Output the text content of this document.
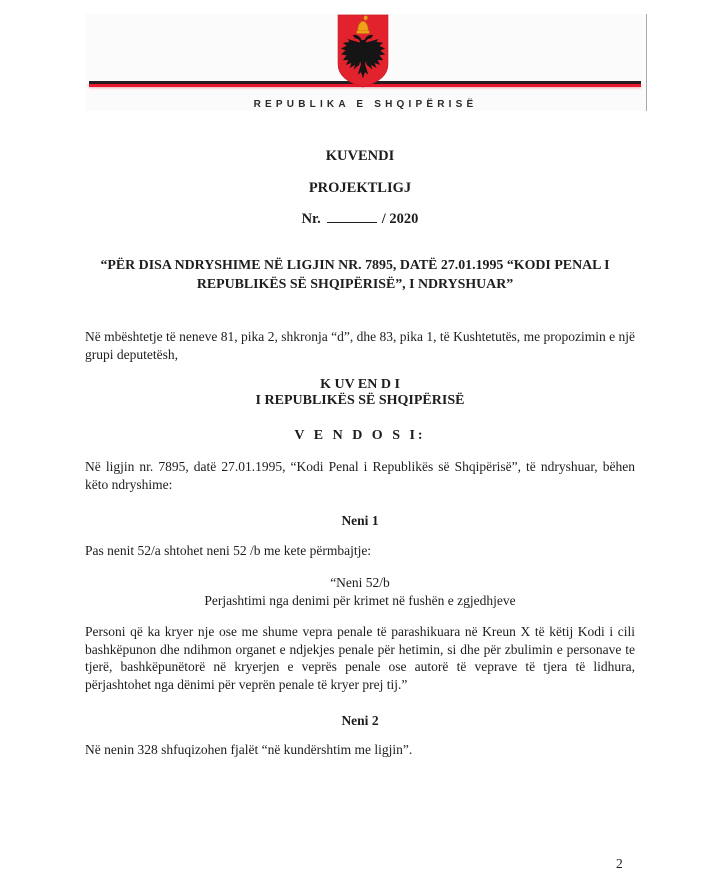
REPUBLIKA E SHQIPËRISË
KUVENDI
PROJEKTLIGJ
Nr.	/ 2020
“PËR DISA NDRYSHIME NË LIGJIN NR. 7895, DATË 27.01.1995 “KODI PENAL I REPUBLIKËS SË SHQIPËRISË”, I NDRYSHUAR”
Në mbështetje të neneve 81, pika 2, shkronja “d”, dhe 83, pika 1, të Kushtetutës, me propozimin e një grupi deputetësh,
K UV EN D I
I REPUBLIKËS SË SHQIPËRISË
V E N D O S I:
Në ligjin nr. 7895, datë 27.01.1995, “Kodi Penal i Republikës së Shqipërisë”, të ndryshuar, bëhen këto ndryshime:
Neni 1
Pas nenit 52/a shtohet neni 52 /b me kete përmbajtje:
“Neni 52/b
Perjashtimi nga denimi për krimet në fushën e zgjedhjeve
Personi që ka kryer nje ose me shume vepra penale të parashikuara në Kreun X të këtij Kodi i cili bashkëpunon dhe ndihmon organet e ndjekjes penale për hetimin, si dhe për zbulimin e personave te tjerë, bashkëpunëtorë në kryerjen e veprës penale ose autorë të veprave të tjera të lidhura, përjashtohet nga dënimi për veprën penale të kryer prej tij.”
Neni 2
Në nenin 328 shfuqizohen fjalët “në kundërshtim me ligjin”.
2
